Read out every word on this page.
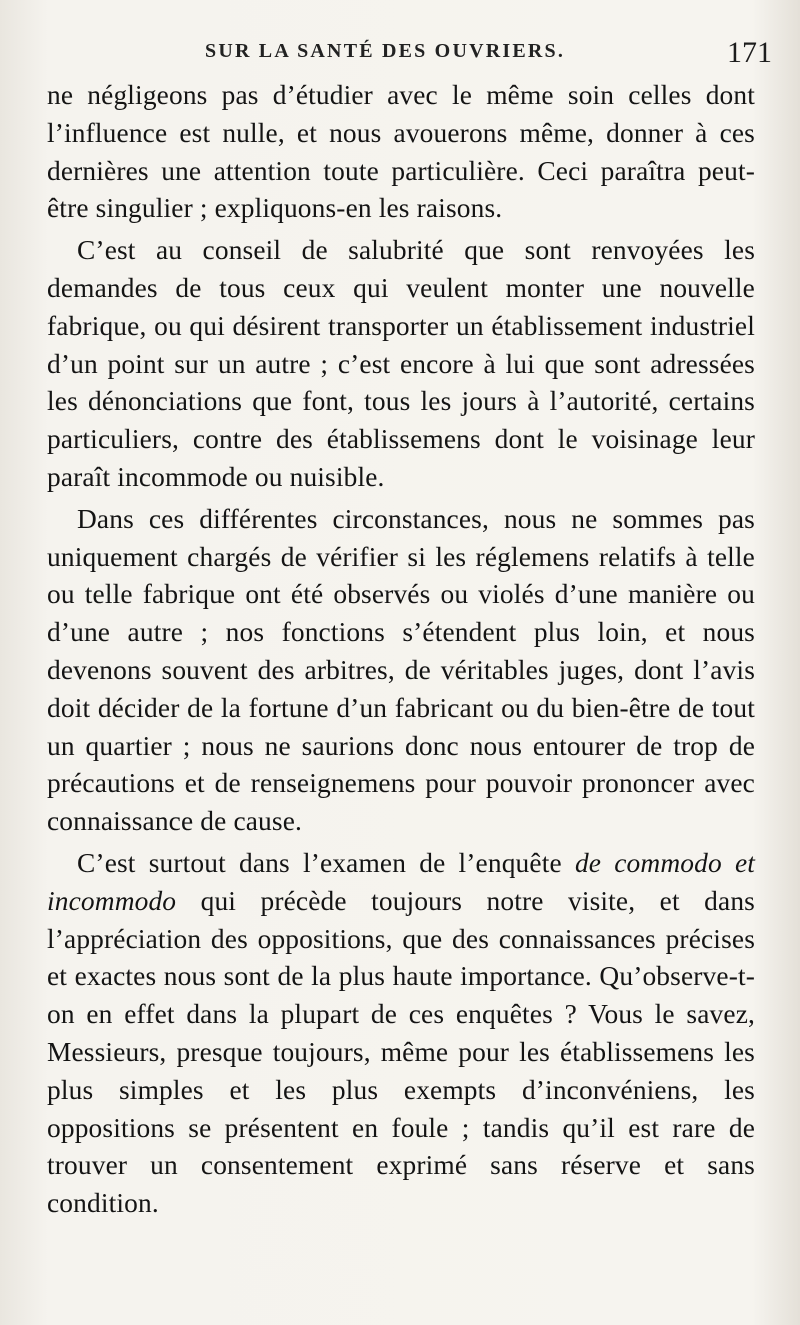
SUR LA SANTÉ DES OUVRIERS.	171

ne négligeons pas d’étudier avec le même soin celles dont l’influence est nulle, et nous avouerons même, donner à ces dernières une attention toute particulière. Ceci paraîtra peut-être singulier ; expliquons-en les raisons.

C’est au conseil de salubrité que sont renvoyées les demandes de tous ceux qui veulent monter une nouvelle fabrique, ou qui désirent transporter un établissement industriel d’un point sur un autre ; c’est encore à lui que sont adressées les dénonciations que font, tous les jours à l’autorité, certains particuliers, contre des établissemens dont le voisinage leur paraît incommode ou nuisible.

Dans ces différentes circonstances, nous ne sommes pas uniquement chargés de vérifier si les réglemens relatifs à telle ou telle fabrique ont été observés ou violés d’une manière ou d’une autre ; nos fonctions s’étendent plus loin, et nous devenons souvent des arbitres, de véritables juges, dont l’avis doit décider de la fortune d’un fabricant ou du bien-être de tout un quartier ; nous ne saurions donc nous entourer de trop de précautions et de renseignemens pour pouvoir prononcer avec connaissance de cause.

C’est surtout dans l’examen de l’enquête de commodo et incommodo qui précède toujours notre visite, et dans l’appréciation des oppositions, que des connaissances précises et exactes nous sont de la plus haute importance. Qu’observe-t-on en effet dans la plupart de ces enquêtes ? Vous le savez, Messieurs, presque toujours, même pour les établissemens les plus simples et les plus exempts d’inconvéniens, les oppositions se présentent en foule ; tandis qu’il est rare de trouver un consentement exprimé sans réserve et sans condition.
